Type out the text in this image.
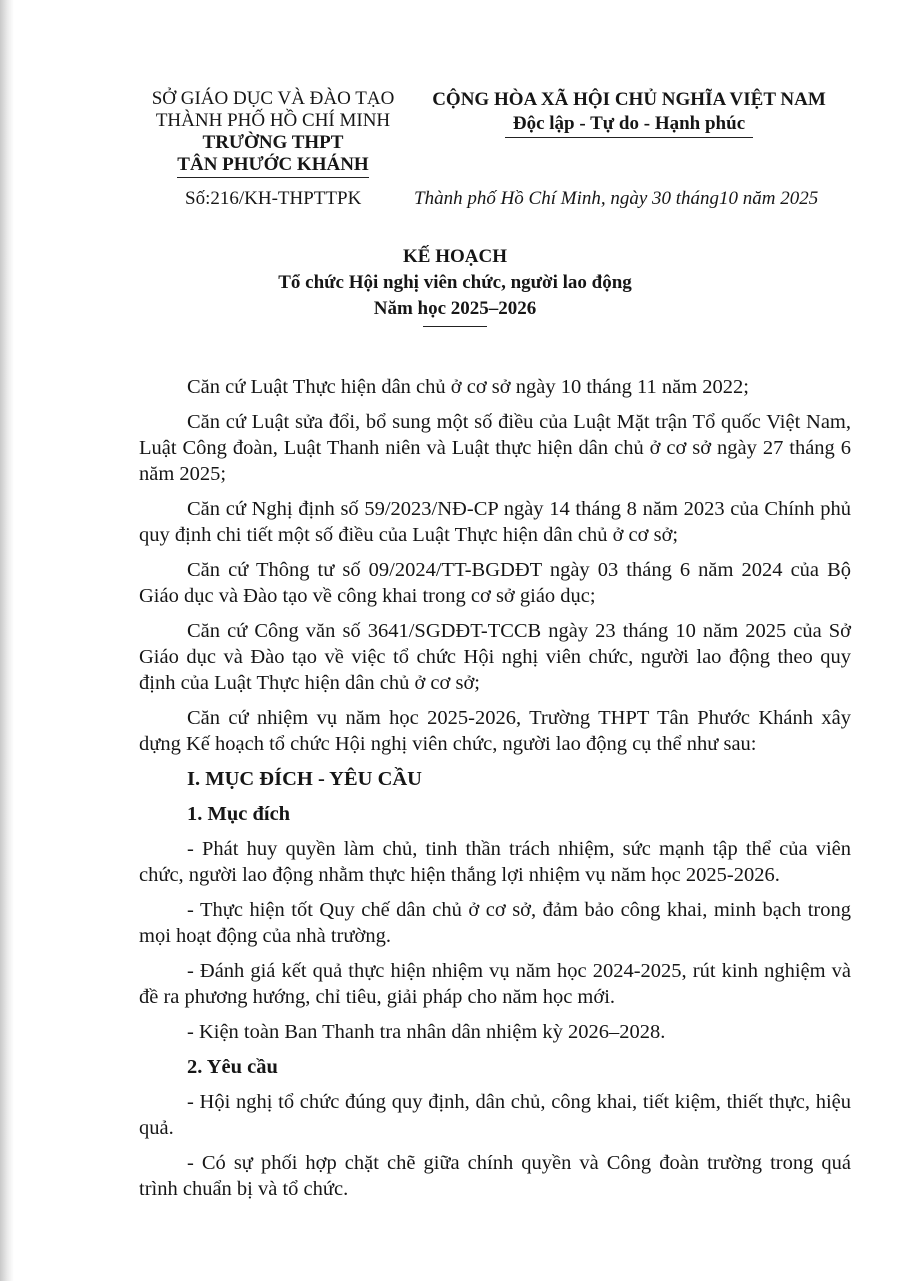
SỞ GIÁO DỤC VÀ ĐÀO TẠO
THÀNH PHỐ HỒ CHÍ MINH
TRƯỜNG THPT
TÂN PHƯỚC KHÁNH
CỘNG HÒA XÃ HỘI CHỦ NGHĨA VIỆT NAM
Độc lập - Tự do - Hạnh phúc
Số:216/KH-THPTTPK	Thành phố Hồ Chí Minh, ngày 30 tháng10 năm 2025
KẾ HOẠCH
Tổ chức Hội nghị viên chức, người lao động
Năm học 2025–2026

Căn cứ Luật Thực hiện dân chủ ở cơ sở ngày 10 tháng 11 năm 2022;

Căn cứ Luật sửa đổi, bổ sung một số điều của Luật Mặt trận Tổ quốc Việt Nam, Luật Công đoàn, Luật Thanh niên và Luật thực hiện dân chủ ở cơ sở ngày 27 tháng 6 năm 2025;

Căn cứ Nghị định số 59/2023/NĐ-CP ngày 14 tháng 8 năm 2023 của Chính phủ quy định chi tiết một số điều của Luật Thực hiện dân chủ ở cơ sở;

Căn cứ Thông tư số 09/2024/TT-BGDĐT ngày 03 tháng 6 năm 2024 của Bộ Giáo dục và Đào tạo về công khai trong cơ sở giáo dục;

Căn cứ Công văn số 3641/SGDĐT-TCCB ngày 23 tháng 10 năm 2025 của Sở Giáo dục và Đào tạo về việc tổ chức Hội nghị viên chức, người lao động theo quy định của Luật Thực hiện dân chủ ở cơ sở;

Căn cứ nhiệm vụ năm học 2025-2026, Trường THPT Tân Phước Khánh xây dựng Kế hoạch tổ chức Hội nghị viên chức, người lao động cụ thể như sau:

I. MỤC ĐÍCH - YÊU CẦU
1. Mục đích

- Phát huy quyền làm chủ, tinh thần trách nhiệm, sức mạnh tập thể của viên chức, người lao động nhằm thực hiện thắng lợi nhiệm vụ năm học 2025-2026.

- Thực hiện tốt Quy chế dân chủ ở cơ sở, đảm bảo công khai, minh bạch trong mọi hoạt động của nhà trường.

- Đánh giá kết quả thực hiện nhiệm vụ năm học 2024-2025, rút kinh nghiệm và đề ra phương hướng, chỉ tiêu, giải pháp cho năm học mới.

- Kiện toàn Ban Thanh tra nhân dân nhiệm kỳ 2026–2028.

2. Yêu cầu

- Hội nghị tổ chức đúng quy định, dân chủ, công khai, tiết kiệm, thiết thực, hiệu quả.

- Có sự phối hợp chặt chẽ giữa chính quyền và Công đoàn trường trong quá trình chuẩn bị và tổ chức.
